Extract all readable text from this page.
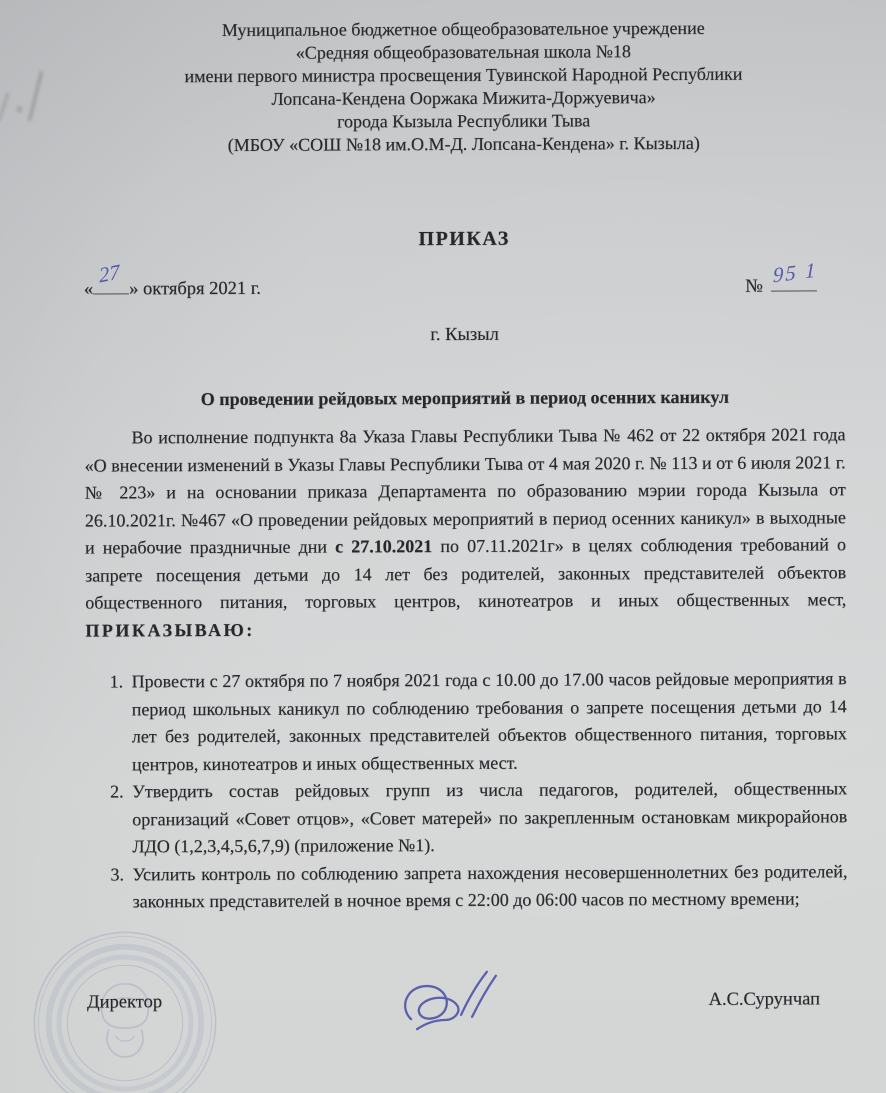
Муниципальное бюджетное общеобразовательное учреждение
«Средняя общеобразовательная школа №18
имени первого министра просвещения Тувинской Народной Республики
Лопсана-Кендена Ооржака Мижита-Доржуевича»
города Кызыла Республики Тыва
(МБОУ «СОШ №18 им.О.М-Д. Лопсана-Кендена» г. Кызыла)
ПРИКАЗ
«
27
» октября 2021 г.	№ 95 1
г. Кызыл
О проведении рейдовых мероприятий в период осенних каникул

Во исполнение подпункта 8а Указа Главы Республики Тыва № 462 от 22 октября 2021 года «О внесении изменений в Указы Главы Республики Тыва от 4 мая 2020 г. № 113 и от 6 июля 2021 г. № 223» и на основании приказа Департамента по образованию мэрии города Кызыла от 26.10.2021г. №467 «О проведении рейдовых мероприятий в период осенних каникул» в выходные и нерабочие праздничные дни с 27.10.2021 по 07.11.2021г» в целях соблюдения требований о запрете посещения детьми до 14 лет без родителей, законных представителей объектов общественного питания, торговых центров, кинотеатров и иных общественных мест, ПРИКАЗЫВАЮ:

1. Провести с 27 октября по 7 ноября 2021 года с 10.00 до 17.00 часов рейдовые мероприятия в период школьных каникул по соблюдению требования о запрете посещения детьми до 14 лет без родителей, законных представителей объектов общественного питания, торговых центров, кинотеатров и иных общественных мест.
2. Утвердить состав рейдовых групп из числа педагогов, родителей, общественных организаций «Совет отцов», «Совет матерей» по закрепленным остановкам микрорайонов ЛДО (1,2,3,4,5,6,7,9) (приложение №1).
3. Усилить контроль по соблюдению запрета нахождения несовершеннолетних без родителей, законных представителей в ночное время с 22:00 до 06:00 часов по местному времени;
Директор	А.С.Сурунчап
